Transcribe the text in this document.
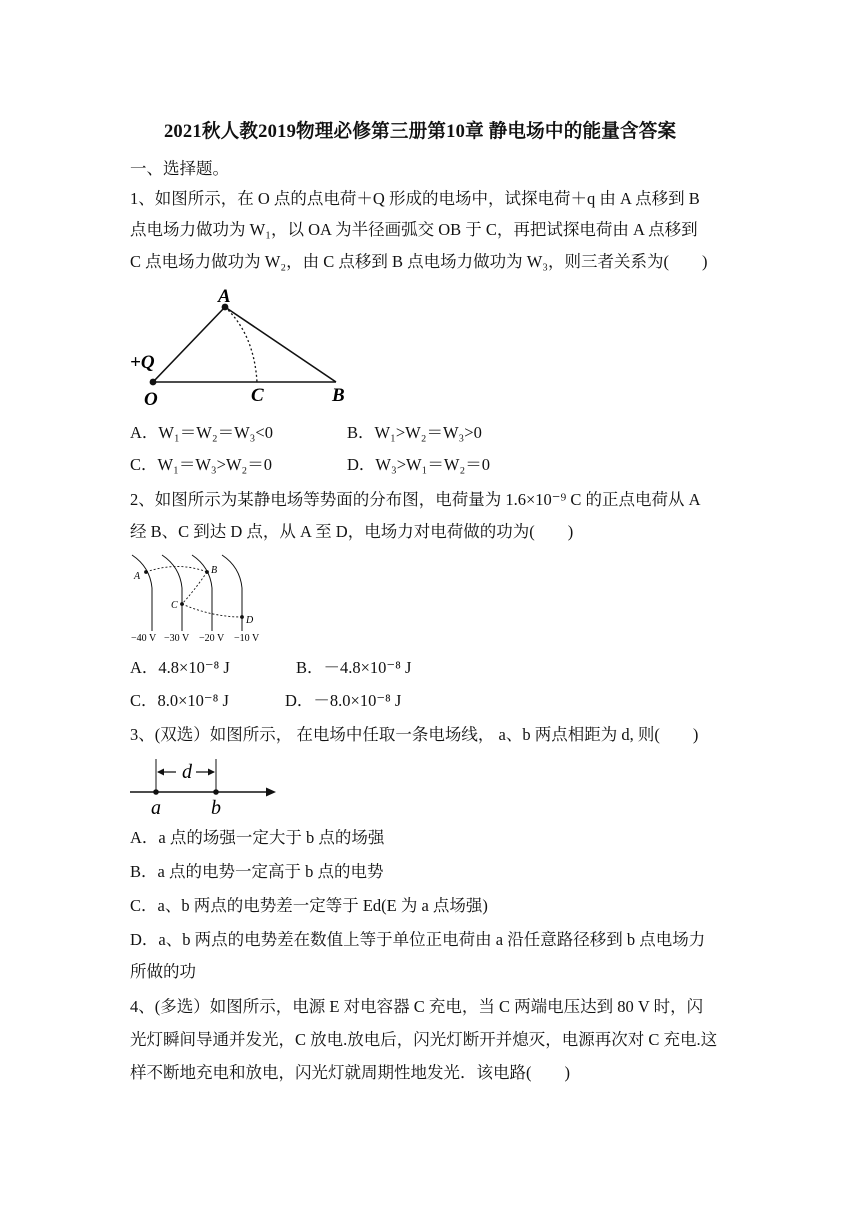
2021秋人教2019物理必修第三册第10章 静电场中的能量含答案
一、选择题。
1、如图所示，在 O 点的点电荷＋Q 形成的电场中，试探电荷＋q 由 A 点移到 B
点电场力做功为 W₁，以 OA 为半径画弧交 OB 于 C，再把试探电荷由 A 点移到
C 点电场力做功为 W₂，由 C 点移到 B 点电场力做功为 W₃，则三者关系为(　　)
A
+Q
O	C	B
A．W₁＝W₂＝W₃<0	B．W₁>W₂＝W₃>0
C．W₁＝W₃>W₂＝0	D．W₃>W₁＝W₂＝0
2、如图所示为某静电场等势面的分布图，电荷量为 1.6×10⁻⁹ C 的正点电荷从 A
经 B、C 到达 D 点，从 A 至 D，电场力对电荷做的功为(　　)
A
B
C
D
−40 V −30 V −20 V −10 V
A．4.8×10⁻⁸ J	B．－4.8×10⁻⁸ J
C．8.0×10⁻⁸ J	D．－8.0×10⁻⁸ J
3、(双选）如图所示， 在电场中任取一条电场线， a、b 两点相距为 d, 则(　　)
d
a	b
A．a 点的场强一定大于 b 点的场强
B．a 点的电势一定高于 b 点的电势
C．a、b 两点的电势差一定等于 Ed(E 为 a 点场强)
D．a、b 两点的电势差在数值上等于单位正电荷由 a 沿任意路径移到 b 点电场力
所做的功
4、(多选）如图所示，电源 E 对电容器 C 充电，当 C 两端电压达到 80 V 时，闪
光灯瞬间导通并发光，C 放电.放电后，闪光灯断开并熄灭，电源再次对 C 充电.这
样不断地充电和放电，闪光灯就周期性地发光．该电路(　　)
